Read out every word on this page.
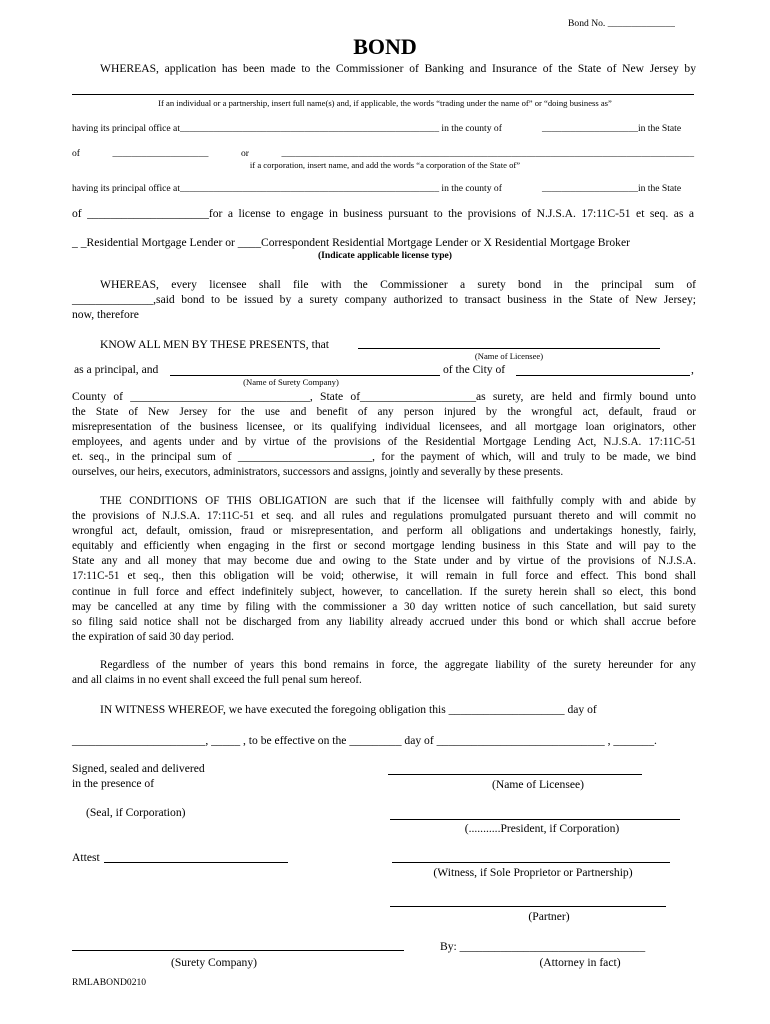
Bond No. ______________
BOND
WHEREAS, application has been made to the Commissioner of Banking and Insurance of the State of New Jersey by
If an individual or a partnership, insert full name(s) and, if applicable, the words “trading under the name of” or “doing business as”
having its principal office at______________________________________________________ in the county of	____________________in the State
of ____________________ or ______________________________________________________________________________________
if a corporation, insert name, and add the words “a corporation of the State of”
having its principal office at______________________________________________________ in the county of	____________________in the State
of _____________________for a license to engage in business pursuant to the provisions of N.J.S.A. 17:11C-51 et seq. as a
_ _Residential Mortgage Lender or ____Correspondent Residential Mortgage Lender or X Residential Mortgage Broker
(Indicate applicable license type)
WHEREAS, every licensee shall file with the Commissioner a surety bond in the principal sum of
______________,said bond to be issued by a surety company authorized to transact business in the State of New Jersey;
now, therefore
KNOW ALL MEN BY THESE PRESENTS, that
(Name of Licensee)
as a principal, and	of the City of	,
(Name of Surety Company)
County of _______________________________, State of____________________as surety, are held and firmly bound unto
the State of New Jersey for the use and benefit of any person injured by the wrongful act, default, fraud or
misrepresentation of the business licensee, or its qualifying individual licensees, and all mortgage loan originators, other
employees, and agents under and by virtue of the provisions of the Residential Mortgage Lending Act, N.J.S.A. 17:11C-51
et. seq., in the principal sum of ________________________, for the payment of which, will and truly to be made, we bind
ourselves, our heirs, executors, administrators, successors and assigns, jointly and severally by these presents.
THE CONDITIONS OF THIS OBLIGATION are such that if the licensee will faithfully comply with and abide by
the provisions of N.J.S.A. 17:11C-51 et seq. and all rules and regulations promulgated pursuant thereto and will commit no
wrongful act, default, omission, fraud or misrepresentation, and perform all obligations and undertakings honestly, fairly,
equitably and efficiently when engaging in the first or second mortgage lending business in this State and will pay to the
State any and all money that may become due and owing to the State under and by virtue of the provisions of N.J.S.A.
17:11C-51 et seq., then this obligation will be void; otherwise, it will remain in full force and effect. This bond shall
continue in full force and effect indefinitely subject, however, to cancellation. If the surety herein shall so elect, this bond
may be cancelled at any time by filing with the commissioner a 30 day written notice of such cancellation, but said surety
so filing said notice shall not be discharged from any liability already accrued under this bond or which shall accrue before
the expiration of said 30 day period.
Regardless of the number of years this bond remains in force, the aggregate liability of the surety hereunder for any
and all claims in no event shall exceed the full penal sum hereof.
IN WITNESS WHEREOF, we have executed the foregoing obligation this ____________________ day of
_______________________, _____ , to be effective on the _________ day of _____________________________ , _______.
Signed, sealed and delivered
in the presence of	(Name of Licensee)
(Seal, if Corporation)
(...........President, if Corporation)
Attest
(Witness, if Sole Proprietor or Partnership)
(Partner)
By: ________________________________
(Surety Company)	(Attorney in fact)
RMLABOND0210
